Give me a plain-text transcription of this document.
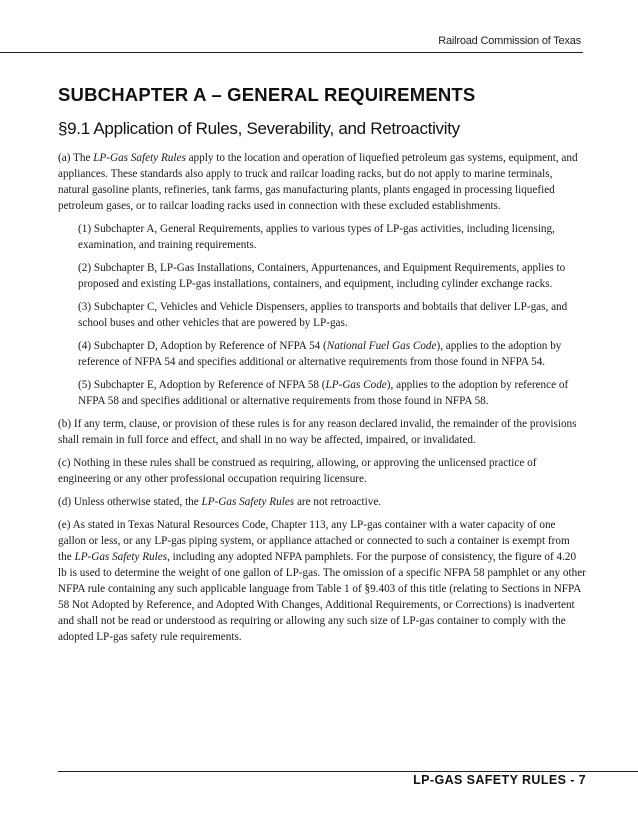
Railroad Commission of Texas
SUBCHAPTER A – GENERAL REQUIREMENTS
§9.1 Application of Rules, Severability, and Retroactivity

(a) The LP-Gas Safety Rules apply to the location and operation of liquefied petroleum gas systems, equipment, and appliances. These standards also apply to truck and railcar loading racks, but do not apply to marine terminals, natural gasoline plants, refineries, tank farms, gas manufacturing plants, plants engaged in processing liquefied petroleum gases, or to railcar loading racks used in connection with these excluded establishments.

(1) Subchapter A, General Requirements, applies to various types of LP-gas activities, including licensing, examination, and training requirements.

(2) Subchapter B, LP-Gas Installations, Containers, Appurtenances, and Equipment Requirements, applies to proposed and existing LP-gas installations, containers, and equipment, including cylinder exchange racks.

(3) Subchapter C, Vehicles and Vehicle Dispensers, applies to transports and bobtails that deliver LP-gas, and school buses and other vehicles that are powered by LP-gas.

(4) Subchapter D, Adoption by Reference of NFPA 54 (National Fuel Gas Code), applies to the adoption by reference of NFPA 54 and specifies additional or alternative requirements from those found in NFPA 54.

(5) Subchapter E, Adoption by Reference of NFPA 58 (LP-Gas Code), applies to the adoption by reference of NFPA 58 and specifies additional or alternative requirements from those found in NFPA 58.

(b) If any term, clause, or provision of these rules is for any reason declared invalid, the remainder of the provisions shall remain in full force and effect, and shall in no way be affected, impaired, or invalidated.

(c) Nothing in these rules shall be construed as requiring, allowing, or approving the unlicensed practice of engineering or any other professional occupation requiring licensure.

(d) Unless otherwise stated, the LP-Gas Safety Rules are not retroactive.

(e) As stated in Texas Natural Resources Code, Chapter 113, any LP-gas container with a water capacity of one gallon or less, or any LP-gas piping system, or appliance attached or connected to such a container is exempt from the LP-Gas Safety Rules, including any adopted NFPA pamphlets. For the purpose of consistency, the figure of 4.20 lb is used to determine the weight of one gallon of LP-gas. The omission of a specific NFPA 58 pamphlet or any other NFPA rule containing any such applicable language from Table 1 of §9.403 of this title (relating to Sections in NFPA 58 Not Adopted by Reference, and Adopted With Changes, Additional Requirements, or Corrections) is inadvertent and shall not be read or understood as requiring or allowing any such size of LP-gas container to comply with the adopted LP-gas safety rule requirements.

LP-GAS SAFETY RULES - 7
